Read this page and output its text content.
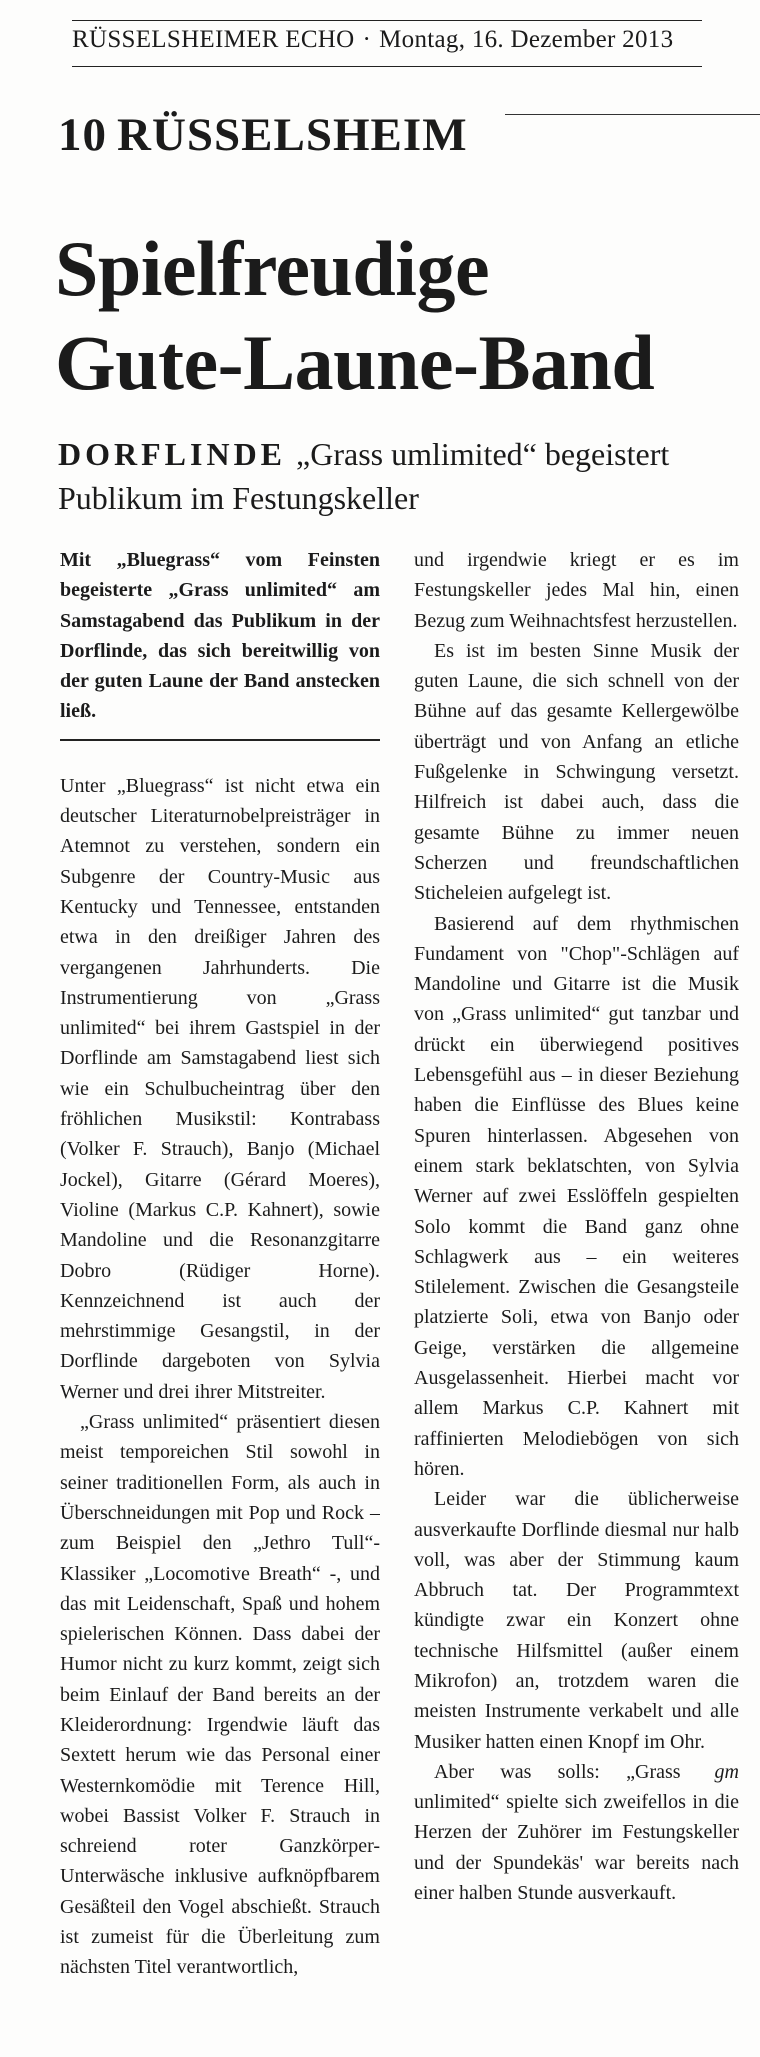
RÜSSELSHEIMER ECHO · Montag, 16. Dezember 2013
10 RÜSSELSHEIM
Spielfreudige
Gute-Laune-Band
DORFLINDE „Grass umlimited“ begeistert Publikum im Festungskeller

Mit „Bluegrass“ vom Feinsten begeisterte „Grass unlimited“ am Samstagabend das Publikum in der Dorflinde, das sich bereitwillig von der guten Laune der Band anstecken ließ.

Unter „Bluegrass“ ist nicht etwa ein deutscher Literaturnobelpreisträger in Atemnot zu verstehen, sondern ein Subgenre der Country-Music aus Kentucky und Tennessee, entstanden etwa in den dreißiger Jahren des vergangenen Jahrhunderts. Die Instrumentierung von „Grass unlimited“ bei ihrem Gastspiel in der Dorflinde am Samstagabend liest sich wie ein Schulbucheintrag über den fröhlichen Musikstil: Kontrabass (Volker F. Strauch), Banjo (Michael Jockel), Gitarre (Gérard Moeres), Violine (Markus C.P. Kahnert), sowie Mandoline und die Resonanzgitarre Dobro (Rüdiger Horne). Kennzeichnend ist auch der mehrstimmige Gesangstil, in der Dorflinde dargeboten von Sylvia Werner und drei ihrer Mitstreiter.

„Grass unlimited“ präsentiert diesen meist temporeichen Stil sowohl in seiner traditionellen Form, als auch in Überschneidungen mit Pop und Rock – zum Beispiel den „Jethro Tull“-Klassiker „Locomotive Breath“ -, und das mit Leidenschaft, Spaß und hohem spielerischen Können. Dass dabei der Humor nicht zu kurz kommt, zeigt sich beim Einlauf der Band bereits an der Kleiderordnung: Irgendwie läuft das Sextett herum wie das Personal einer Westernkomödie mit Terence Hill, wobei Bassist Volker F. Strauch in schreiend roter Ganzkörper-Unterwäsche inklusive aufknöpfbarem Gesäßteil den Vogel abschießt. Strauch ist zumeist für die Überleitung zum nächsten Titel verantwortlich,

und irgendwie kriegt er es im Festungskeller jedes Mal hin, einen Bezug zum Weihnachtsfest herzustellen.

Es ist im besten Sinne Musik der guten Laune, die sich schnell von der Bühne auf das gesamte Kellergewölbe überträgt und von Anfang an etliche Fußgelenke in Schwingung versetzt. Hilfreich ist dabei auch, dass die gesamte Bühne zu immer neuen Scherzen und freundschaftlichen Sticheleien aufgelegt ist.

Basierend auf dem rhythmischen Fundament von "Chop"-Schlägen auf Mandoline und Gitarre ist die Musik von „Grass unlimited“ gut tanzbar und drückt ein überwiegend positives Lebensgefühl aus – in dieser Beziehung haben die Einflüsse des Blues keine Spuren hinterlassen. Abgesehen von einem stark beklatschten, von Sylvia Werner auf zwei Esslöffeln gespielten Solo kommt die Band ganz ohne Schlagwerk aus – ein weiteres Stilelement. Zwischen die Gesangsteile platzierte Soli, etwa von Banjo oder Geige, verstärken die allgemeine Ausgelassenheit. Hierbei macht vor allem Markus C.P. Kahnert mit raffinierten Melodiebögen von sich hören.

Leider war die üblicherweise ausverkaufte Dorflinde diesmal nur halb voll, was aber der Stimmung kaum Abbruch tat. Der Programmtext kündigte zwar ein Konzert ohne technische Hilfsmittel (außer einem Mikrofon) an, trotzdem waren die meisten Instrumente verkabelt und alle Musiker hatten einen Knopf im Ohr.

gm
Aber was solls: „Grass unlimited“ spielte sich zweifellos in die Herzen der Zuhörer im Festungskeller und der Spundekäs' war bereits nach einer halben Stunde ausverkauft.
